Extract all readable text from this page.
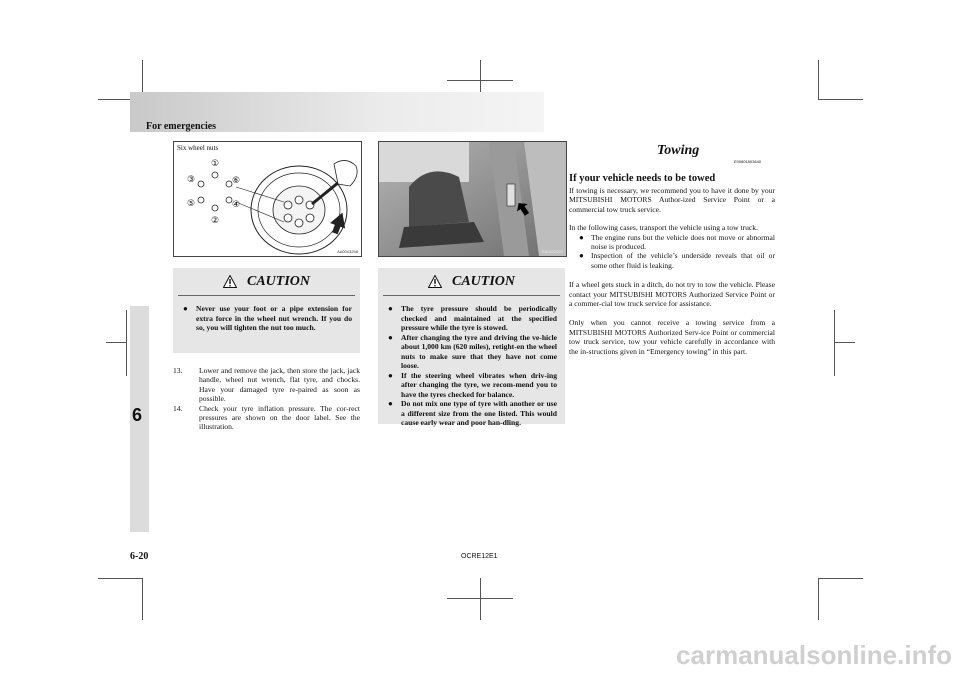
For emergencies
6
Six wheel nuts
①
②
③
④
⑤
⑥
AA0043258	EA0022007
CAUTION
● Never use your foot or a pipe extension for extra force in the wheel nut wrench. If you do so, you will tighten the nut too much.
13. Lower and remove the jack, then store the jack, jack handle, wheel nut wrench, flat tyre, and chocks. Have your damaged tyre re-paired as soon as possible.
14. Check your tyre inflation pressure. The cor-rect pressures are shown on the door label. See the illustration.
CAUTION
● The tyre pressure should be periodically checked and maintained at the specified pressure while the tyre is stowed.
● After changing the tyre and driving the ve-hicle about 1,000 km (620 miles), retight-en the wheel nuts to make sure that they have not come loose.
● If the steering wheel vibrates when driv-ing after changing the tyre, we recom-mend you to have the tyres checked for balance.
● Do not mix one type of tyre with another or use a different size from the one listed. This would cause early wear and poor han-dling.
Towing
E00801503640
If your vehicle needs to be towed
If towing is necessary, we recommend you to have it done by your MITSUBISHI MOTORS Author-ized Service Point or a commercial tow truck service.
In the following cases, transport the vehicle using a tow truck.
● The engine runs but the vehicle does not move or abnormal noise is produced.
● Inspection of the vehicle’s underside reveals that oil or some other fluid is leaking.
If a wheel gets stuck in a ditch, do not try to tow the vehicle. Please contact your MITSUBISHI MOTORS Authorized Service Point or a commer-cial tow truck service for assistance.
Only when you cannot receive a towing service from a MITSUBISHI MOTORS Authorized Serv-ice Point or commercial tow truck service, tow your vehicle carefully in accordance with the in-structions given in “Emergency towing” in this part.
6-20	OCRE12E1
carmanualsonline.info
